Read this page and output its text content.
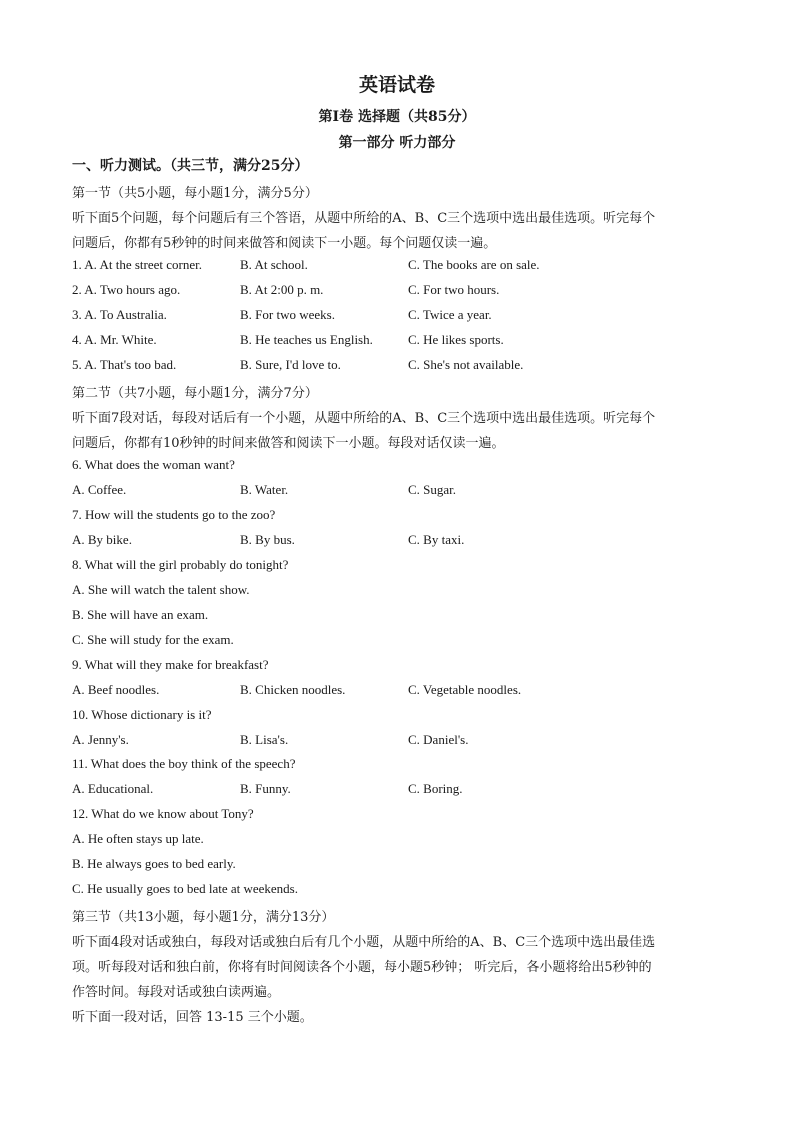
英语试卷
第Ⅰ卷 选择题（共85分）
第一部分 听力部分
一、听力测试。（共三节，满分25分）
第一节（共5小题，每小题1分，满分5分）
听下面5个问题，每个问题后有三个答语，从题中所给的A、B、C三个选项中选出最佳选项。听完每个
问题后，你都有5秒钟的时间来做答和阅读下一小题。每个问题仅读一遍。
1. A. At the street corner.	B. At school.	C. The books are on sale.
2. A. Two hours ago.	B. At 2:00 p. m.	C. For two hours.
3. A. To Australia.	B. For two weeks.	C. Twice a year.
4. A. Mr. White.	B. He teaches us English.	C. He likes sports.
5. A. That's too bad.	B. Sure, I'd love to.	C. She's not available.
第二节（共7小题，每小题1分，满分7分）
听下面7段对话，每段对话后有一个小题，从题中所给的A、B、C三个选项中选出最佳选项。听完每个
问题后，你都有10秒钟的时间来做答和阅读下一小题。每段对话仅读一遍。
6. What does the woman want?
A. Coffee.	B. Water.	C. Sugar.
7. How will the students go to the zoo?
A. By bike.	B. By bus.	C. By taxi.
8. What will the girl probably do tonight?
A. She will watch the talent show.
B. She will have an exam.
C. She will study for the exam.
9. What will they make for breakfast?
A. Beef noodles.	B. Chicken noodles.	C. Vegetable noodles.
10. Whose dictionary is it?
A. Jenny's.	B. Lisa's.	C. Daniel's.
11. What does the boy think of the speech?
A. Educational.	B. Funny.	C. Boring.
12. What do we know about Tony?
A. He often stays up late.
B. He always goes to bed early.
C. He usually goes to bed late at weekends.
第三节（共13小题，每小题1分，满分13分）
听下面4段对话或独白，每段对话或独白后有几个小题，从题中所给的A、B、C三个选项中选出最佳选
项。听每段对话和独白前，你将有时间阅读各个小题，每小题5秒钟； 听完后，各小题将给出5秒钟的
作答时间。每段对话或独白读两遍。
听下面一段对话，回答 13-15 三个小题。
